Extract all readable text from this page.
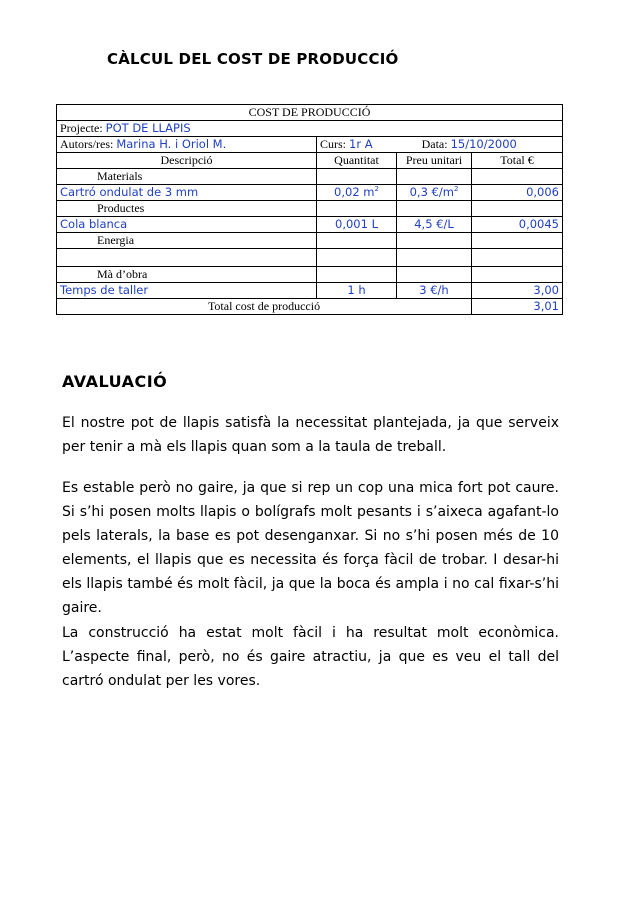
CÀLCUL DEL COST DE PRODUCCIÓ
COST DE PRODUCCIÓ			
Projecte: POT DE LLAPIS			
Autors/res: Marina H. i Oriol M.	Curs: 1r A Data: 15/10/2000		
Descripció	Quantitat	Preu unitari	Total €
Materials			
Cartró ondulat de 3 mm	0,02 $m^2$	0,3 $€/m^2$	0,006
Productes			
Cola blanca	0,001 L	4,5 €/L	0,0045
Energia			

Mà d’obra			
Temps de taller	1 h	3 €/h	3,00
Total cost de producció			3,01
AVALUACIÓ

El nostre pot de llapis satisfà la necessitat plantejada, ja que serveix per tenir a mà els llapis quan som a la taula de treball.

Es estable però no gaire, ja que si rep un cop una mica fort pot caure. Si s’hi posen molts llapis o bolígrafs molt pesants i s’aixeca agafant-lo pels laterals, la base es pot desenganxar. Si no s’hi posen més de 10 elements, el llapis que es necessita és força fàcil de trobar. I desar-hi els llapis també és molt fàcil, ja que la boca és ampla i no cal fixar-s’hi gaire.

La construcció ha estat molt fàcil i ha resultat molt econòmica. L’aspecte final, però, no és gaire atractiu, ja que es veu el tall del cartró ondulat per les vores.
